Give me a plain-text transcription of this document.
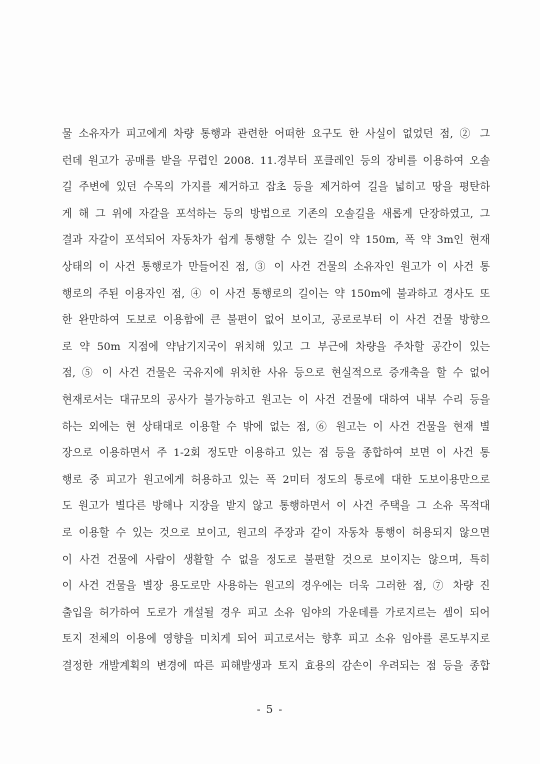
물 소유자가 피고에게 차량 통행과 관련한 어떠한 요구도 한 사실이 없었던 점, ② 그
런데 원고가 공매를 받을 무렵인 2008. 11.경부터 포클레인 등의 장비를 이용하여 오솔
길 주변에 있던 수목의 가지를 제거하고 잡초 등을 제거하여 길을 넓히고 땅을 평탄하
게 해 그 위에 자갈을 포석하는 등의 방법으로 기존의 오솔길을 새롭게 단장하였고, 그
결과 자갈이 포석되어 자동차가 쉽게 통행할 수 있는 길이 약 150m, 폭 약 3m인 현재
상태의 이 사건 통행로가 만들어진 점, ③ 이 사건 건물의 소유자인 원고가 이 사건 통
행로의 주된 이용자인 점, ④ 이 사건 통행로의 길이는 약 150m에 불과하고 경사도 또
한 완만하여 도보로 이용함에 큰 불편이 없어 보이고, 공로로부터 이 사건 건물 방향으
로 약 50m 지점에 약남기지국이 위치해 있고 그 부근에 차량을 주차할 공간이 있는
점, ⑤ 이 사건 건물은 국유지에 위치한 사유 등으로 현실적으로 증개축을 할 수 없어
현재로서는 대규모의 공사가 불가능하고 원고는 이 사건 건물에 대하여 내부 수리 등을
하는 외에는 현 상태대로 이용할 수 밖에 없는 점, ⑥ 원고는 이 사건 건물을 현재 별
장으로 이용하면서 주 1-2회 정도만 이용하고 있는 점 등을 종합하여 보면 이 사건 통
행로 중 피고가 원고에게 허용하고 있는 폭 2미터 정도의 통로에 대한 도보이용만으로
도 원고가 별다른 방해나 지장을 받지 않고 통행하면서 이 사건 주택을 그 소유 목적대
로 이용할 수 있는 것으로 보이고, 원고의 주장과 같이 자동차 통행이 허용되지 않으면
이 사건 건물에 사람이 생활할 수 없을 정도로 불편할 것으로 보이지는 않으며, 특히
이 사건 건물을 별장 용도로만 사용하는 원고의 경우에는 더욱 그러한 점, ⑦ 차량 진
출입을 허가하여 도로가 개설될 경우 피고 소유 임야의 가운데를 가로지르는 셈이 되어
토지 전체의 이용에 영향을 미치게 되어 피고로서는 향후 피고 소유 임야를 론도부지로
결정한 개발계획의 변경에 따른 피해발생과 토지 효용의 감손이 우려되는 점 등을 종합
- 5 -
